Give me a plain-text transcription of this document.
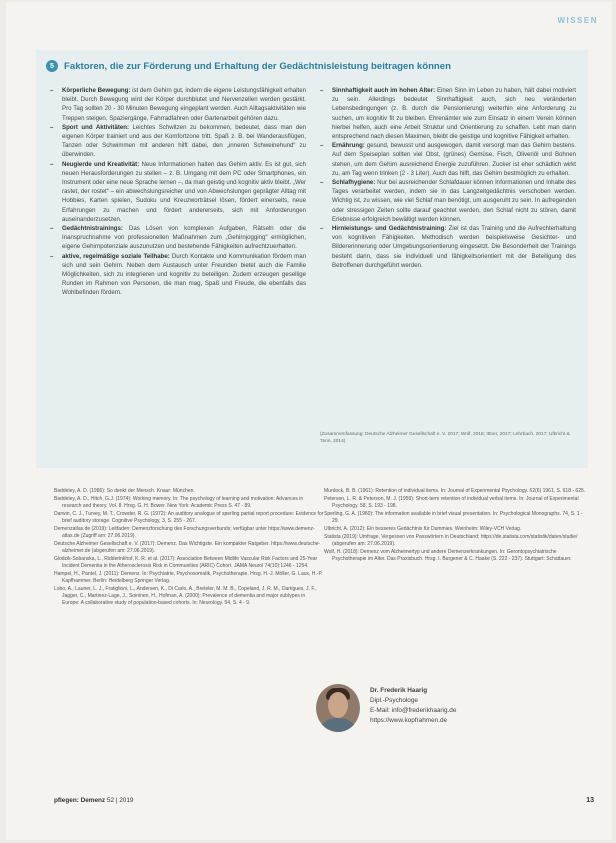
WISSEN
5	Faktoren, die zur Förderung und Erhaltung der Gedächtnisleistung beitragen können
–	Körperliche Bewegung: ist dem Gehirn gut, indem die eigene Leistungsfähigkeit erhalten bleibt. Durch Bewegung wird der Körper durchblutet und Nervenzellen werden gestärkt. Pro Tag sollten 20 - 30 Minuten Bewegung eingeplant werden. Auch Alltagsaktivitäten wie Treppen steigen, Spaziergänge, Fahrradfahren oder Gartenarbeit gehören dazu.
–	Sport und Aktivitäten: Leichtes Schwitzen zu bekommen, bedeutet, dass man den eigenen Körper trainiert und aus der Komfortzone tritt. Spaß z. B. bei Wanderausflügen, Tanzen oder Schwimmen mit anderen hilft dabei, den „inneren Schweinehund“ zu überwinden.
–	Neugierde und Kreativität: Neue Informationen halten das Gehirn aktiv. Es ist gut, sich neuen Herausforderungen zu stellen – z. B. Umgang mit dem PC oder Smartphones, ein Instrument oder eine neue Sprache lernen –, da man geistig und kognitiv aktiv bleibt. „Wer rastet, der rostet“ – ein abwechslungsreicher und von Abwechslungen geprägter Alltag mit Hobbies, Karten spielen, Sudoku und Kreuzworträtsel lösen, fördert einerseits, neue Erfahrungen zu machen und fördert andererseits, sich mit Anforderungen auseinanderzusetzen.
–	Gedächtnistrainings: Das Lösen von komplexen Aufgaben, Rätseln oder die Inanspruchnahme von professionellen Maßnahmen zum „Gehirnjogging“ ermöglichen, eigene Gehirnpotenziale auszunutzen und bestehende Fähigkeiten aufrechtzuerhalten.
–	aktive, regelmäßige soziale Teilhabe: Durch Kontakte und Kommunikation fördern man sich und sein Gehirn. Neben dem Austausch unter Freunden bietet auch die Familie Möglichkeiten, sich zu integrieren und kognitiv zu beteiligen. Zudem erzeugen gesellige Runden im Rahmen von Personen, die man mag, Spaß und Freude, die ebenfalls das Wohlbefinden fördern.
–	Sinnhaftigkeit auch im hohen Alter: Einen Sinn im Leben zu haben, hält dabei motiviert zu sein. Allerdings bedeutet Sinnhaftigkeit auch, sich neu veränderten Lebensbedingungen (z. B. durch die Pensionierung) weiterhin eine Anforderung zu suchen, um kognitiv fit zu bleiben. Ehrenämter wie zum Einsatz in einem Verein können hierbei helfen, auch eine Arbeit Struktur und Orientierung zu schaffen. Lebt man dann entsprechend nach diesen Maximen, bleibt die geistige und kognitive Fähigkeit erhalten.
–	Ernährung: gesund, bewusst und ausgewogen, damit versorgt man das Gehirn bestens. Auf dem Speiseplan sollten viel Obst, (grünes) Gemüse, Fisch, Olivenöl und Bohnen stehen, um dem Gehirn ausreichend Energie zuzuführen. Zucker ist eher schädlich wirkt zu, am Tag wenn trinken (2 - 3 Liter). Auch das hilft, das Gehirn bestmöglich zu erhalten.
–	Schlafhygiene: Nur bei ausreichender Schlafdauer können Informationen und Inhalte des Tages verarbeitet werden, indem sie in das Langzeitgedächtnis verschoben werden. Wichtig ist, zu wissen, wie viel Schlaf man benötigt, um ausgeruht zu sein. In aufregenden oder stressigen Zeiten sollte darauf geachtet werden, den Schlaf nicht zu stören, damit Erlebnisse erfolgreich bewältigt werden können.
–	Hirnleistungs- und Gedächtnistraining: Ziel ist das Training und die Aufrechterhaltung von kognitiven Fähigkeiten. Methodisch werden beispielsweise Gesichter- und Bildererinnerung oder Umgebungsorientierung eingesetzt. Die Besonderheit der Trainings besteht darin, dass sie individuell und fähigkeitsorientiert mit der Beteiligung des Betroffenen durchgeführt werden.
(Zusammenfassung: Deutsche Alzheimer Gesellschaft e. V. 2017; Wolf, 2018; Ittner, 2017; Lehrbach, 2017; Ulbricht & Tann, 2014)
Baddeley, A. D. (1986): So denkt der Mensch. Knaur: München.
Baddeley, A. D., Hitch, G.J. (1974): Working memory. In: The psychology of learning and motivation: Advances in research and theory. Vol. 8. Hrsg. G. H. Bower. New York: Academic Press S. 47 - 89.
Darwin, C. J., Turvey, M. T., Crowder, R. G. (1972): An auditory analogue of sperling partial report procedure: Evidence for brief auditory storage. Cognitive Psychology, 3, S. 255 - 267.
Demenzatlas.de (2019): Leitfaden: Demenzforschung des Forschungsverbunds; verfügbar unter https://www.demenz-atlas.de (Zugriff am: 27.06.2019).
Deutsche Alzheimer Gesellschaft e. V. (2017): Demenz. Das Wichtigste. Ein kompakter Ratgeber. https://www.deutsche-alzheimer.de (abgerufen am: 27.06.2019).
Glodzik-Sobanska, L., Ridderinkhof, K. R. et al. (2017): Association Between Midlife Vascular Risk Factors and 25-Year Incident Dementia in the Atherosclerosis Risk in Communities (ARIC) Cohort. JAMA Neurol 74(10):1246 - 1254.
Hampel, H., Pantel, J. (2011): Demenz. In: Psychiatrie, Psychosomatik, Psychotherapie. Hrsg. H.-J. Möller, G. Laux, H.-P. Kapfhammer. Berlin: Heidelberg Springer Verlag.
Lobo, A., Launer, L. J., Fratiglioni, L., Andersen, K., Di Carlo, A., Breteler, M. M. B., Copeland, J. R. M., Dartigues, J. F., Jagger, C., Martinez-Lage, J., Soininen, H., Hofman, A. (2000): Prevalence of dementia and major subtypes in Europe: A collaborative study of population-based cohorts. In: Neurology. 54, S. 4 - 9.
Murdock, B. B. (1961): Retention of individual items. In: Journal of Experimental Psychology. 62(6) 1961, S. 618 - 625.
Peterson, L. R. & Peterson, M. J. (1959): Short-term retention of individual verbal items. In: Journal of Experimental Psychology. 58, S. 193 - 198.
Sperling, G. A. (1960): The information available in brief visual presentation. In: Psychological Monographs. 74, S. 1 - 29.
Ulbricht, A. (2012): Ein besseres Gedächtnis für Dummies. Weinheim: Wiley-VCH Verlag.
Statista (2019): Umfrage, Vergessen von Passwörtern in Deutschland; https://de.statista.com/statistik/daten/studie/ (abgerufen am: 27.06.2019).
Wolf, H. (2018): Demenz vom Alzheimertyp und andere Demenzerkrankungen. In: Gerontopsychiatrische Psychotherapie im Alter. Das Praxisbuch. Hrsg. I. Burgener & C. Haake (S. 222 - 237). Stuttgart: Schattauer.
Dr. Frederik Haarig
Dipl.-Psychologe
E-Mail: info@frederikhaarig.de
https://www.kopfrahmen.de
pflegen: Demenz 52 | 2019	13
